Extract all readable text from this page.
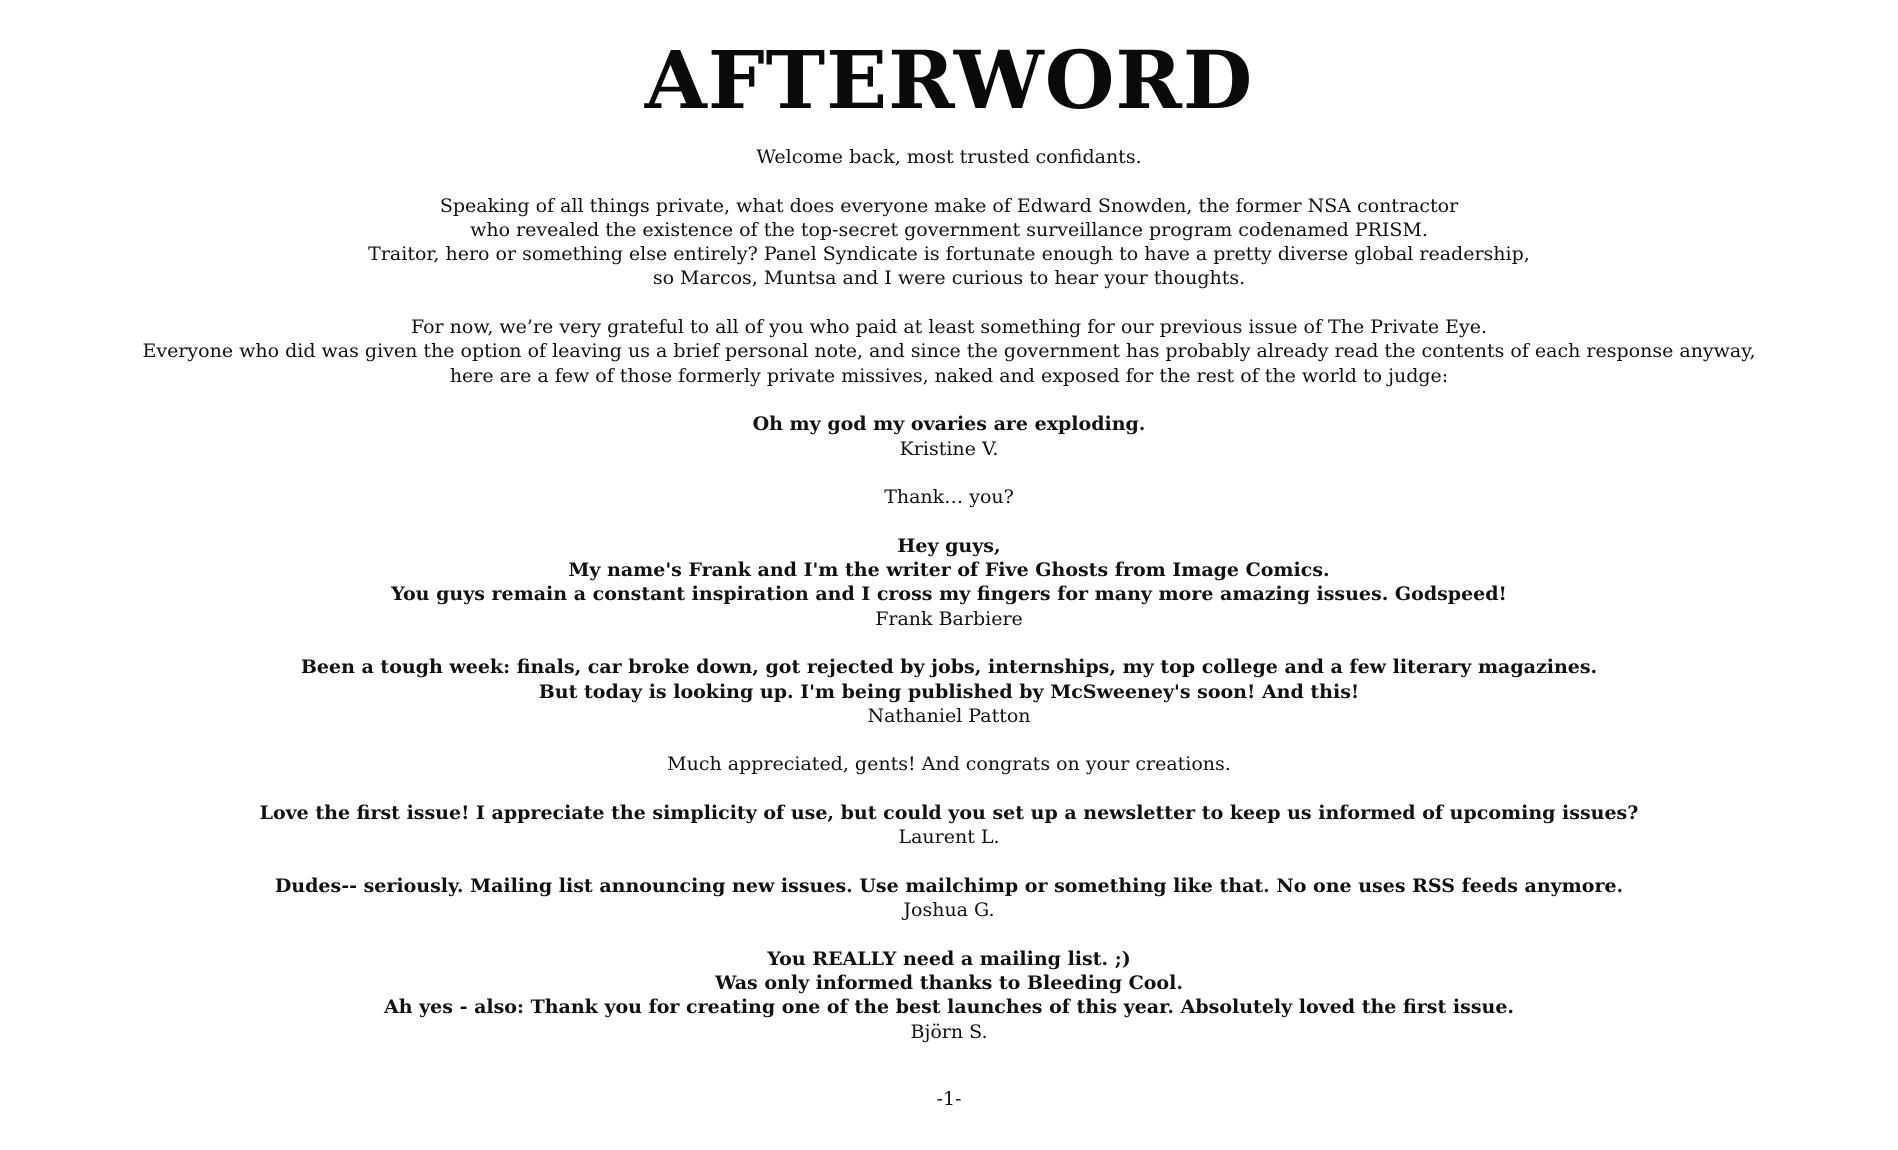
AFTERWORD
Welcome back, most trusted confidants.
Speaking of all things private, what does everyone make of Edward Snowden, the former NSA contractor
who revealed the existence of the top-secret government surveillance program codenamed PRISM.
Traitor, hero or something else entirely? Panel Syndicate is fortunate enough to have a pretty diverse global readership,
so Marcos, Muntsa and I were curious to hear your thoughts.
For now, we’re very grateful to all of you who paid at least something for our previous issue of The Private Eye.
Everyone who did was given the option of leaving us a brief personal note, and since the government has probably already read the contents of each response anyway,
here are a few of those formerly private missives, naked and exposed for the rest of the world to judge:
Oh my god my ovaries are exploding.
Kristine V.
Thank… you?
Hey guys,
My name's Frank and I'm the writer of Five Ghosts from Image Comics.
You guys remain a constant inspiration and I cross my fingers for many more amazing issues. Godspeed!
Frank Barbiere
Been a tough week: finals, car broke down, got rejected by jobs, internships, my top college and a few literary magazines.
But today is looking up. I'm being published by McSweeney's soon! And this!
Nathaniel Patton
Much appreciated, gents! And congrats on your creations.
Love the first issue! I appreciate the simplicity of use, but could you set up a newsletter to keep us informed of upcoming issues?
Laurent L.
Dudes-- seriously. Mailing list announcing new issues. Use mailchimp or something like that. No one uses RSS feeds anymore.
Joshua G.
You REALLY need a mailing list. ;)
Was only informed thanks to Bleeding Cool.
Ah yes - also: Thank you for creating one of the best launches of this year. Absolutely loved the first issue.
Björn S.
-1-
